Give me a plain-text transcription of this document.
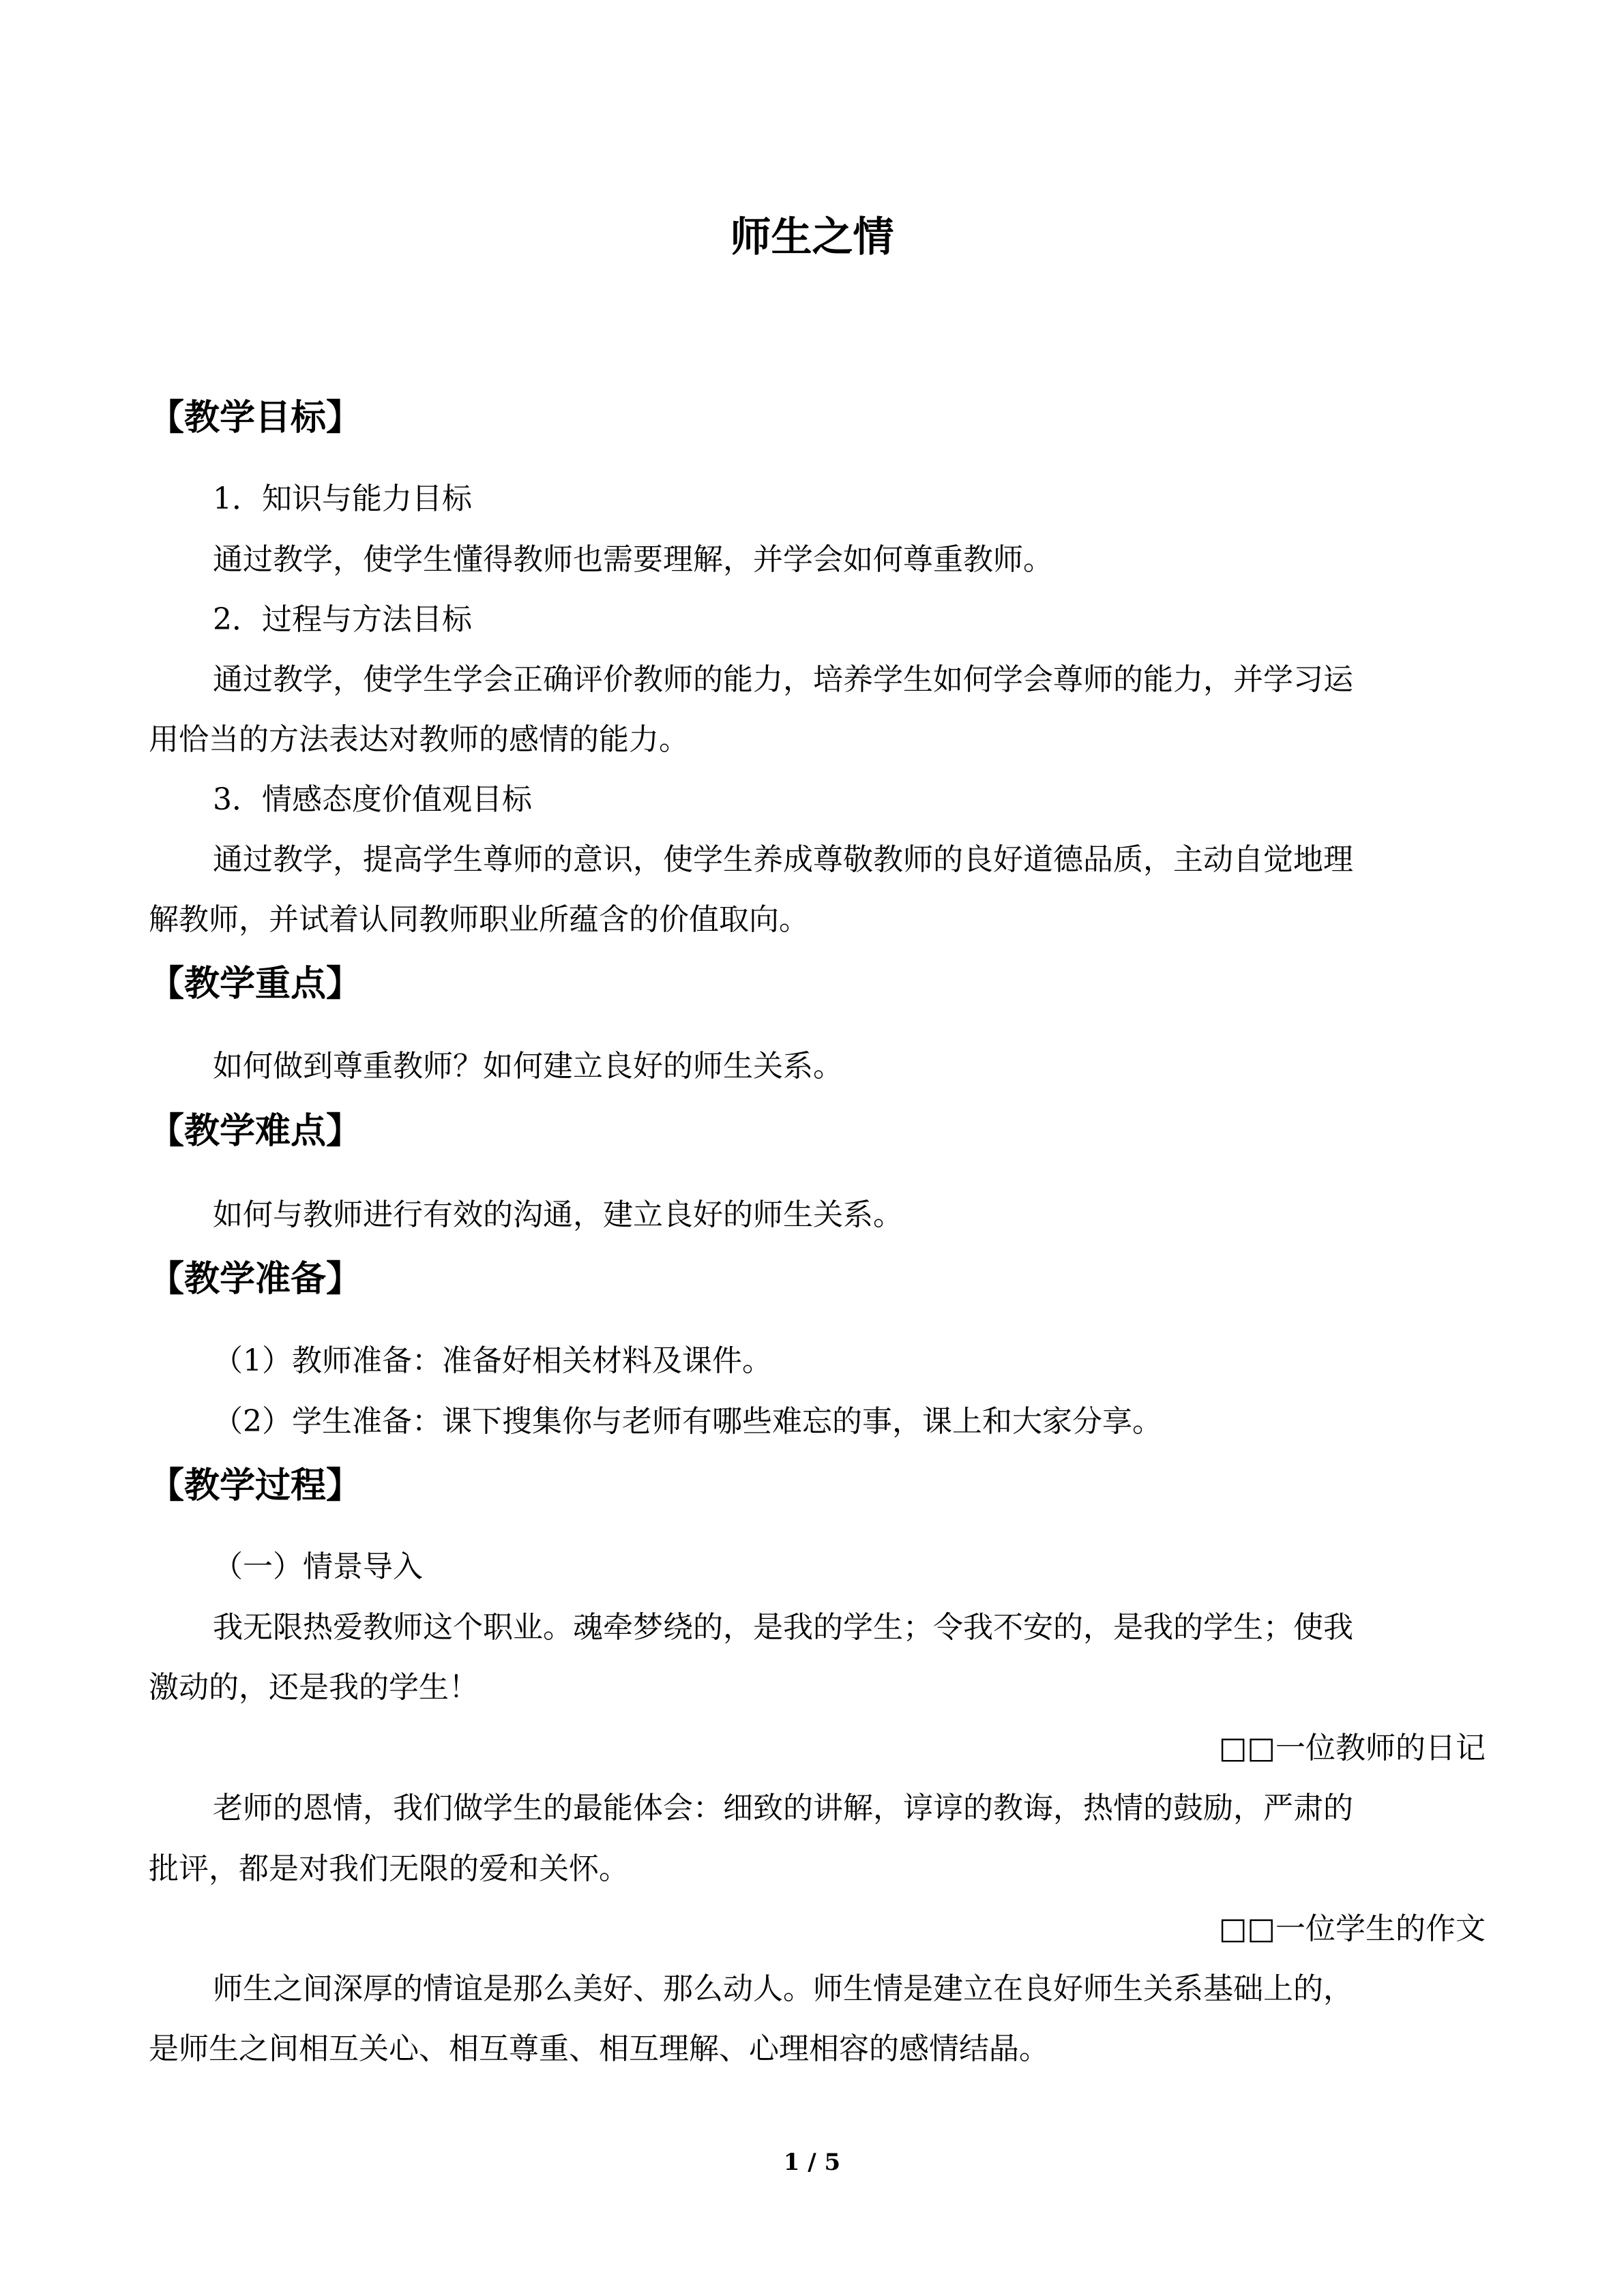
师生之情
【教学目标】
1．知识与能力目标
通过教学，使学生懂得教师也需要理解，并学会如何尊重教师。
2．过程与方法目标
通过教学，使学生学会正确评价教师的能力，培养学生如何学会尊师的能力，并学习运
用恰当的方法表达对教师的感情的能力。
3．情感态度价值观目标
通过教学，提高学生尊师的意识，使学生养成尊敬教师的良好道德品质，主动自觉地理
解教师，并试着认同教师职业所蕴含的价值取向。
【教学重点】
如何做到尊重教师？如何建立良好的师生关系。
【教学难点】
如何与教师进行有效的沟通，建立良好的师生关系。
【教学准备】
（1）教师准备：准备好相关材料及课件。
（2）学生准备：课下搜集你与老师有哪些难忘的事，课上和大家分享。
【教学过程】
（一）情景导入
我无限热爱教师这个职业。魂牵梦绕的，是我的学生；令我不安的，是我的学生；使我
激动的，还是我的学生！
□□一位教师的日记
老师的恩情，我们做学生的最能体会：细致的讲解，谆谆的教诲，热情的鼓励，严肃的
批评，都是对我们无限的爱和关怀。
□□一位学生的作文
师生之间深厚的情谊是那么美好、那么动人。师生情是建立在良好师生关系基础上的，
是师生之间相互关心、相互尊重、相互理解、心理相容的感情结晶。
1 / 5
